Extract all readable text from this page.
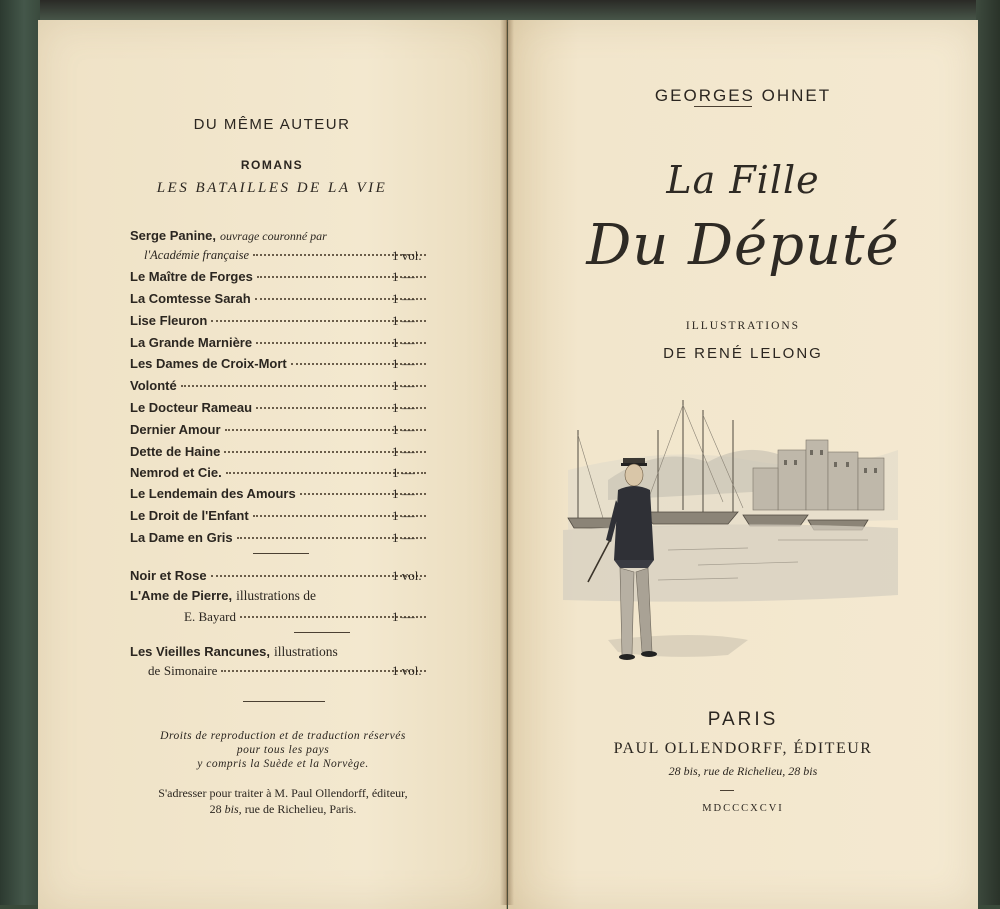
DU MÊME AUTEUR
ROMANS
LES BATAILLES DE LA VIE
Serge Panine, ouvrage couronné par
l'Académie française	1 vol.
Le Maître de Forges	1 —
La Comtesse Sarah	1 —
Lise Fleuron	1 —
La Grande Marnière	1 —
Les Dames de Croix-Mort	1 —
Volonté	1 —
Le Docteur Rameau	1 —
Dernier Amour	1 —
Dette de Haine	1 —
Nemrod et Cie.	1 —
Le Lendemain des Amours	1 —
Le Droit de l'Enfant	1 —
La Dame en Gris	1 —
Noir et Rose	1 vol.
L'Ame de Pierre, illustrations de
E. Bayard	1 —
Les Vieilles Rancunes, illustrations
de
Simonaire	1 vol.
Droits de reproduction et de traduction réservés
pour tous les pays
y compris la Suède et la Norvège.
S'adresser pour traiter à M. Paul Ollendorff, éditeur,
28 bis, rue de Richelieu, Paris.
GEORGES OHNET
La Fille
Du Député
ILLUSTRATIONS
DE RENÉ LELONG
PARIS
PAUL OLLENDORFF, ÉDITEUR
28 bis, rue de Richelieu, 28 bis
MDCCCXCVI
